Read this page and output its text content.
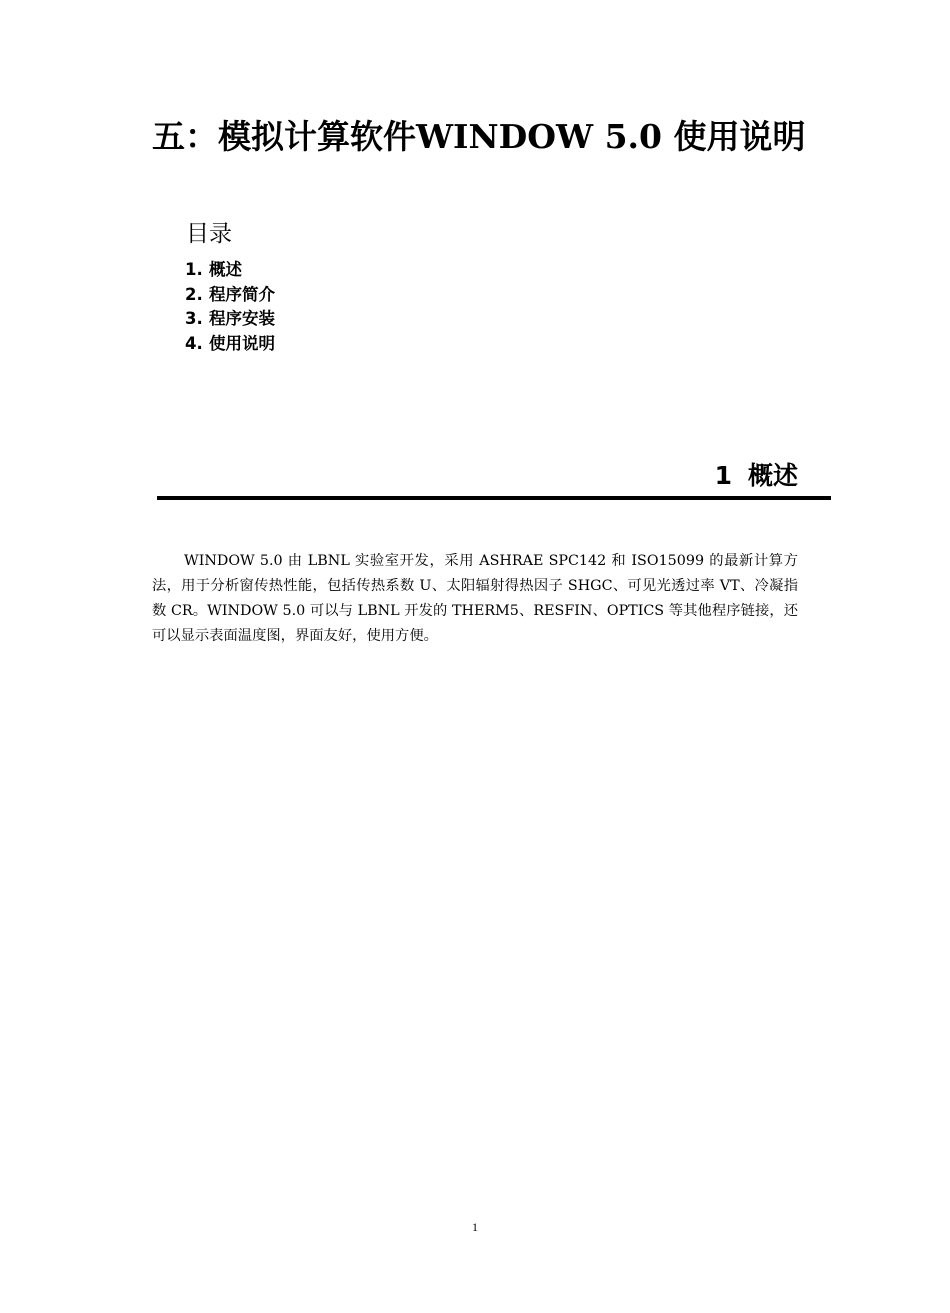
五：模拟计算软件WINDOW 5.0 使用说明
目录
1. 概述
2. 程序简介
3. 程序安装
4. 使用说明
1 概述

WINDOW 5.0 由 LBNL 实验室开发，采用 ASHRAE SPC142 和 ISO15099 的最新计算方法，用于分析窗传热性能，包括传热系数 U、太阳辐射得热因子 SHGC、可见光透过率 VT、冷凝指数 CR。WINDOW 5.0 可以与 LBNL 开发的 THERM5、RESFIN、OPTICS 等其他程序链接，还可以显示表面温度图，界面友好，使用方便。

1
